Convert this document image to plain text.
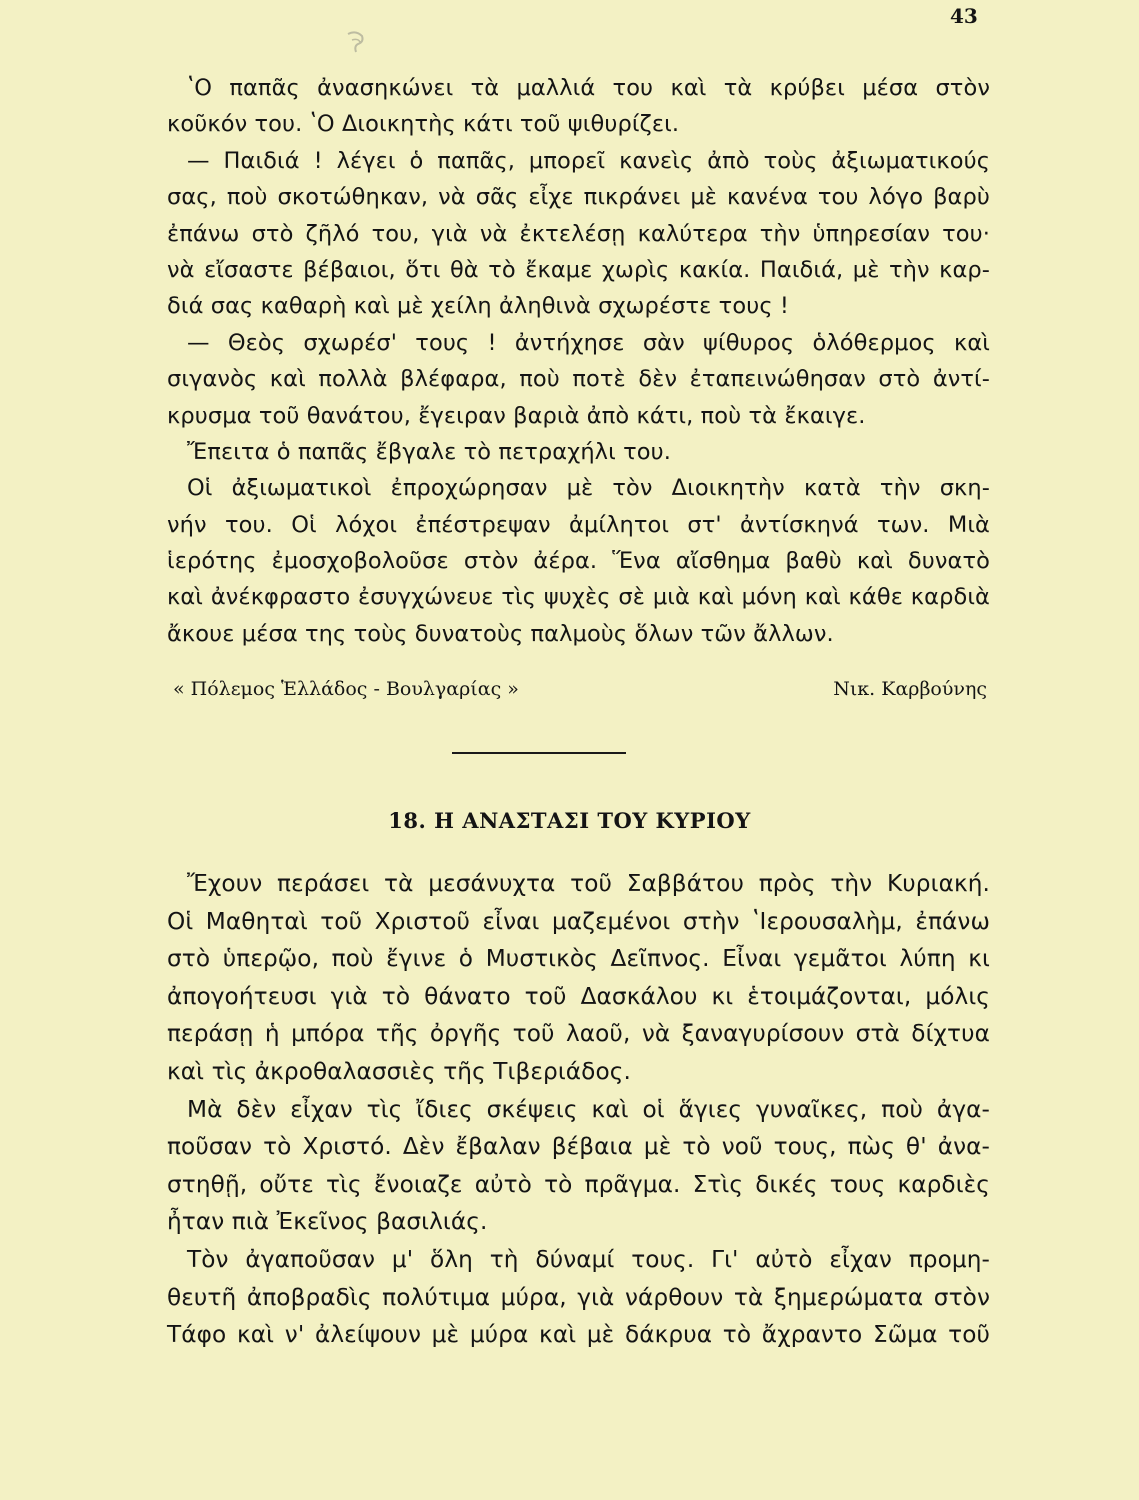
43
ʽΟ παπᾶς ἀνασηκώνει τὰ μαλλιά του καὶ τὰ κρύβει μέσα στὸν
κοῦκόν του. ʽΟ Διοικητὴς κάτι τοῦ ψιθυρίζει.
— Παιδιά ! λέγει ὁ παπᾶς, μπορεῖ κανεὶς ἀπὸ τοὺς ἀξιωματικούς
σας, ποὺ σκοτώθηκαν, νὰ σᾶς εἶχε πικράνει μὲ κανένα του λόγο βαρὺ
ἐπάνω στὸ ζῆλό του, γιὰ νὰ ἐκτελέσῃ καλύτερα τὴν ὑπηρεσίαν του·
νὰ εἴσαστε βέβαιοι, ὅτι θὰ τὸ ἔκαμε χωρὶς κακία. Παιδιά, μὲ τὴν καρ-
διά σας καθαρὴ καὶ μὲ χείλη ἀληθινὰ σχωρέστε τους !
— Θεὸς σχωρέσ' τους ! ἀντήχησε σὰν ψίθυρος ὁλόθερμος καὶ
σιγανὸς καὶ πολλὰ βλέφαρα, ποὺ ποτὲ δὲν ἐταπεινώθησαν στὸ ἀντί-
κρυσμα τοῦ θανάτου, ἔγειραν βαριὰ ἀπὸ κάτι, ποὺ τὰ ἔκαιγε.
Ἔπειτα ὁ παπᾶς ἔβγαλε τὸ πετραχήλι του.
Οἱ ἀξιωματικοὶ ἐπροχώρησαν μὲ τὸν Διοικητὴν κατὰ τὴν σκη-
νήν του. Οἱ λόχοι ἐπέστρεψαν ἀμίλητοι στ' ἀντίσκηνά των. Μιὰ
ἱερότης ἐμοσχοβολοῦσε στὸν ἀέρα. Ἕνα αἴσθημα βαθὺ καὶ δυνατὸ
καὶ ἀνέκφραστο ἐσυγχώνευε τὶς ψυχὲς σὲ μιὰ καὶ μόνη καὶ κάθε καρδιὰ
ἄκουε μέσα της τοὺς δυνατοὺς παλμοὺς ὅλων τῶν ἄλλων.
« Πόλεμος Ἑλλάδος - Βουλγαρίας »	Νικ. Καρβούνης
18. Η ΑΝΑΣΤΑΣΙ ΤΟΥ ΚΥΡΙΟΥ
Ἔχουν περάσει τὰ μεσάνυχτα τοῦ Σαββάτου πρὸς τὴν Κυριακή.
Οἱ Μαθηταὶ τοῦ Χριστοῦ εἶναι μαζεμένοι στὴν ʽΙερουσαλὴμ, ἐπάνω
στὸ ὑπερῷο, ποὺ ἔγινε ὁ Μυστικὸς Δεῖπνος. Εἶναι γεμᾶτοι λύπη κι
ἀπογοήτευσι γιὰ τὸ θάνατο τοῦ Δασκάλου κι ἑτοιμάζονται, μόλις
περάσῃ ἡ μπόρα τῆς ὀργῆς τοῦ λαοῦ, νὰ ξαναγυρίσουν στὰ δίχτυα
καὶ τὶς ἀκροθαλασσιὲς τῆς Τιβεριάδος.
Μὰ δὲν εἶχαν τὶς ἴδιες σκέψεις καὶ οἱ ἅγιες γυναῖκες, ποὺ ἀγα-
ποῦσαν τὸ Χριστό. Δὲν ἔβαλαν βέβαια μὲ τὸ νοῦ τους, πὼς θ' ἀνα-
στηθῇ, οὔτε τὶς ἔνοιαζε αὐτὸ τὸ πρᾶγμα. Στὶς δικές τους καρδιὲς
ἦταν πιὰ Ἐκεῖνος βασιλιάς.
Τὸν ἀγαποῦσαν μ' ὅλη τὴ δύναμί τους. Γι' αὐτὸ εἶχαν προμη-
θευτῆ ἀποβραδὶς πολύτιμα μύρα, γιὰ νάρθουν τὰ ξημερώματα στὸν
Τάφο καὶ ν' ἀλείψουν μὲ μύρα καὶ μὲ δάκρυα τὸ ἄχραντο Σῶμα τοῦ
